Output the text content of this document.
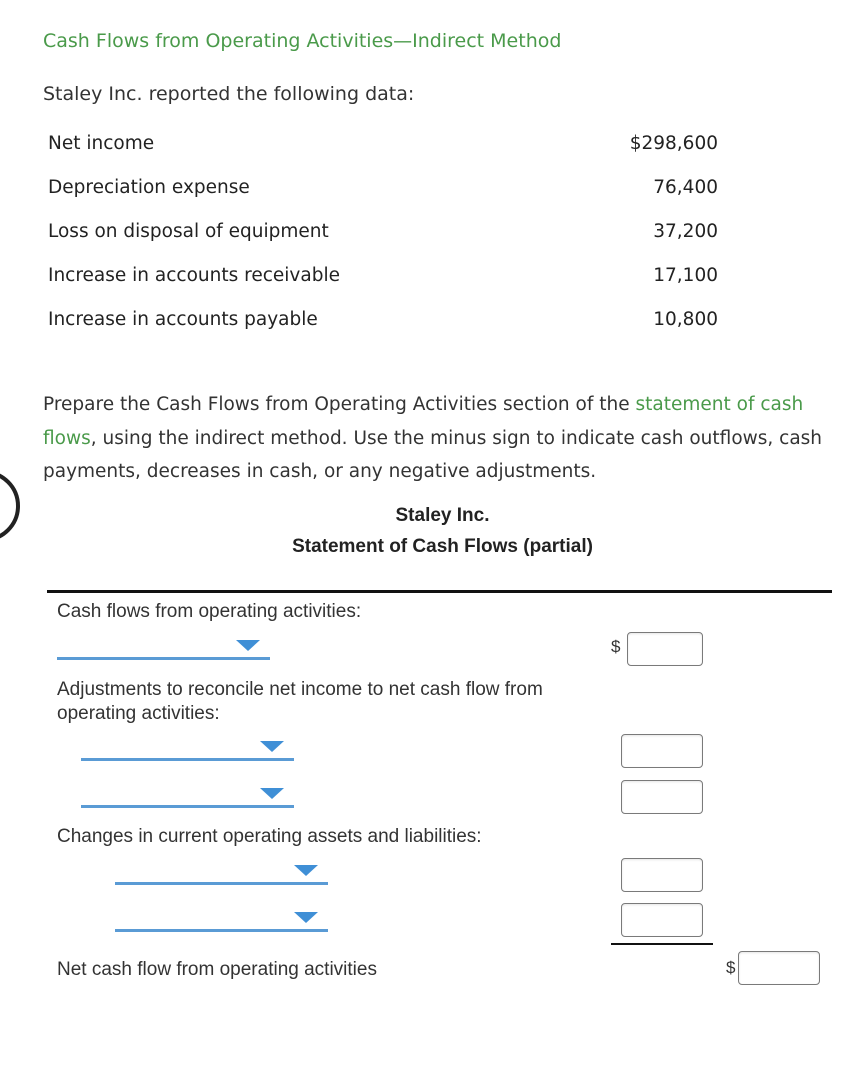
Cash Flows from Operating Activities—Indirect Method
Staley Inc. reported the following data:
Net income	$298,600
Depreciation expense	76,400
Loss on disposal of equipment	37,200
Increase in accounts receivable	17,100
Increase in accounts payable	10,800
Prepare the Cash Flows from Operating Activities section of the statement of cash flows, using the indirect method. Use the minus sign to indicate cash outflows, cash payments, decreases in cash, or any negative adjustments.
Staley Inc.
Statement of Cash Flows (partial)
Cash flows from operating activities:
$
Adjustments to reconcile net income to net cash flow from operating activities:
Changes in current operating assets and liabilities:
Net cash flow from operating activities	$
